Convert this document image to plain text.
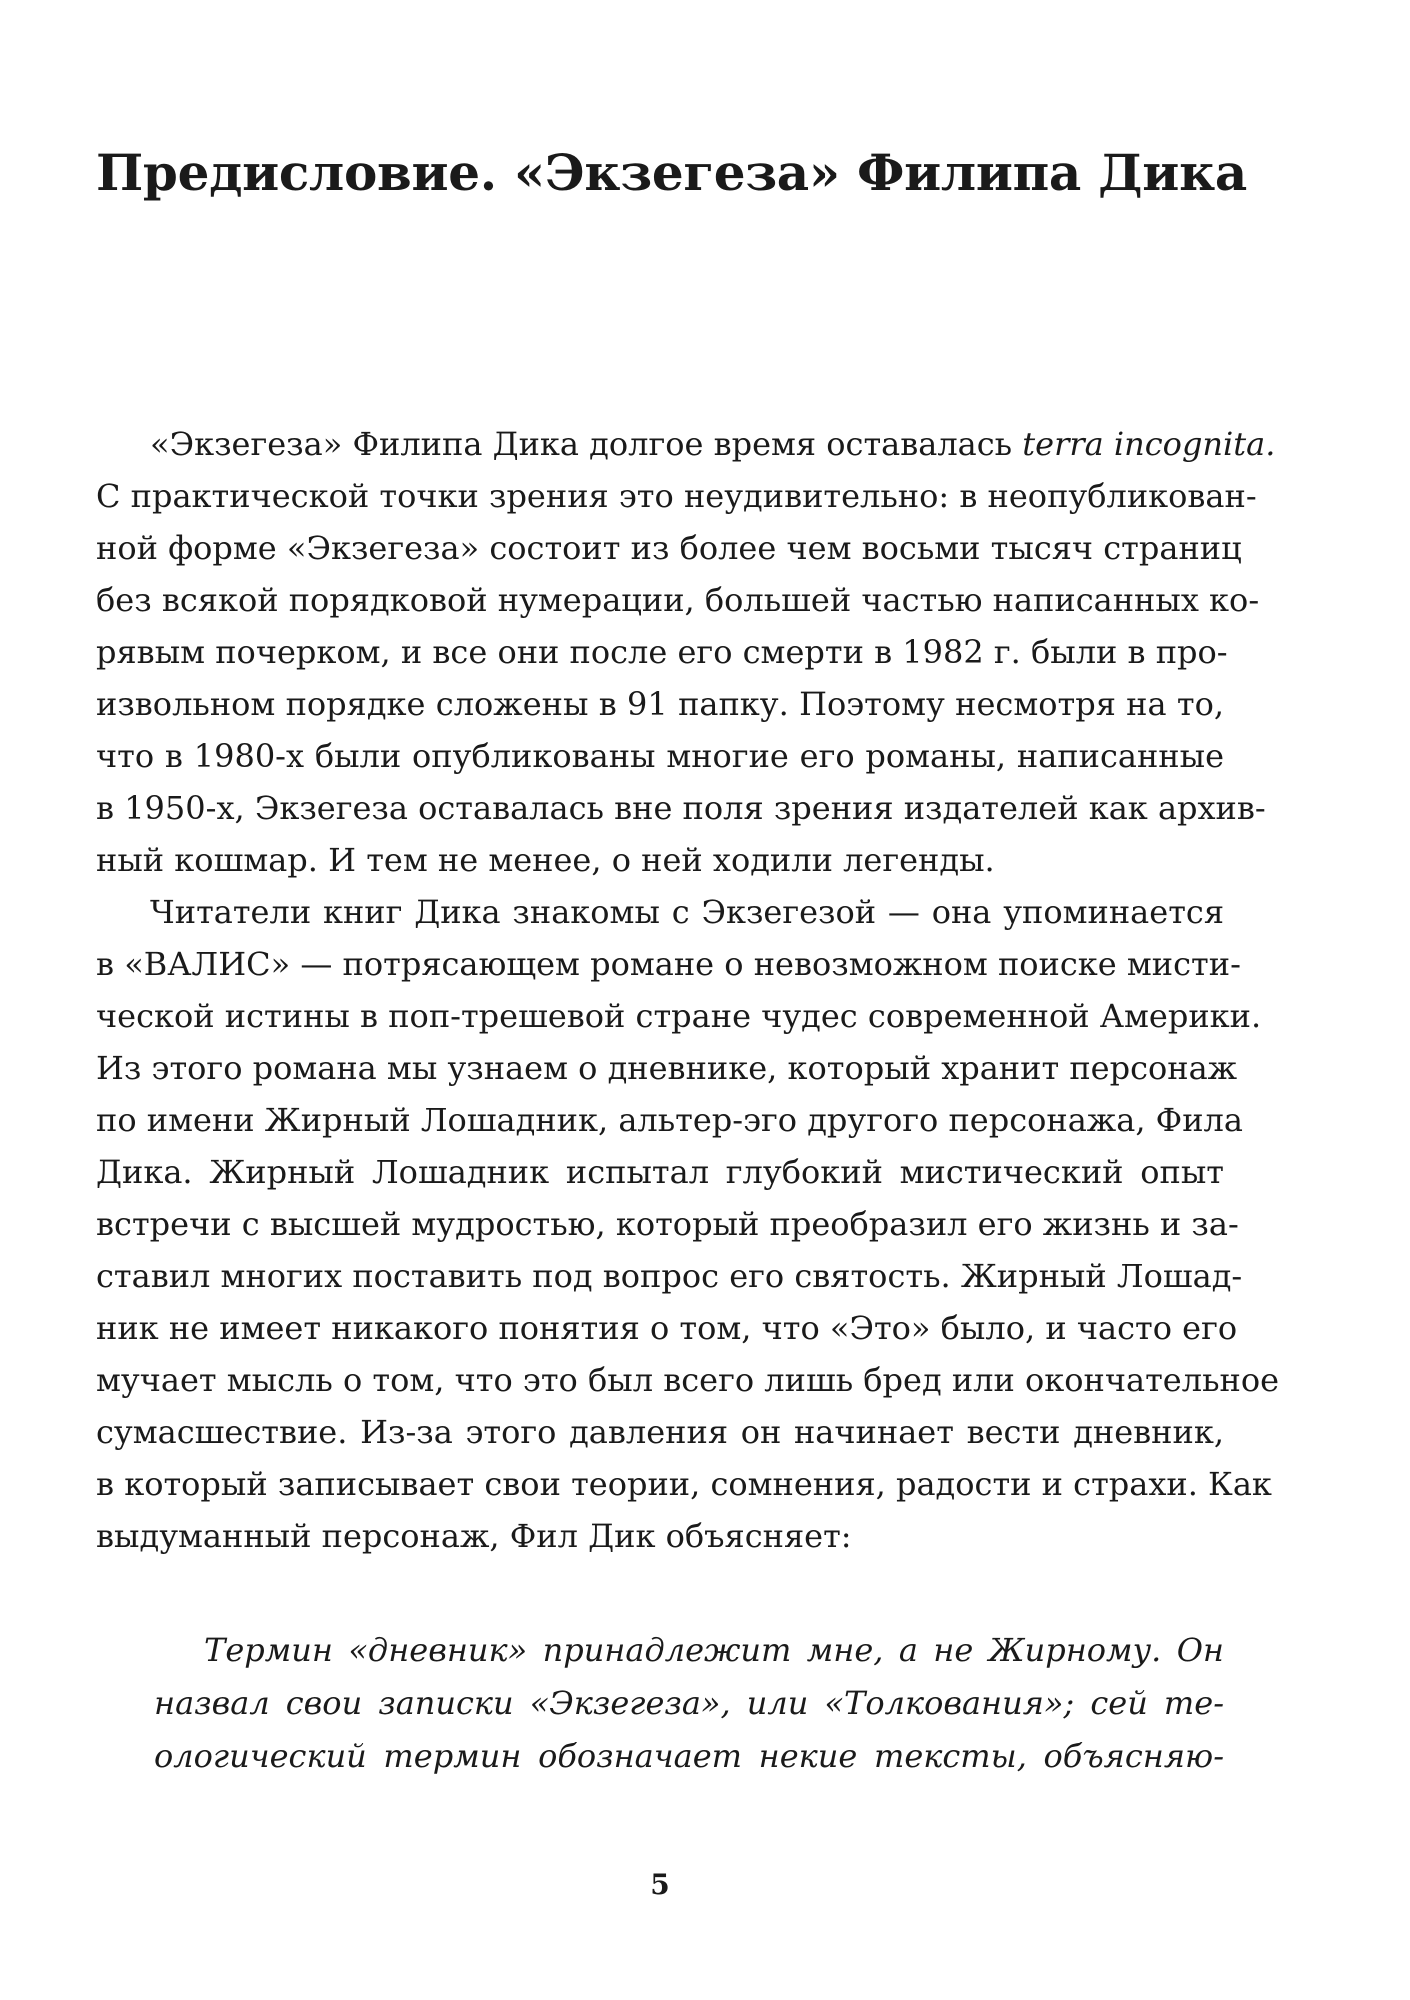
Предисловие. «Экзегеза» Филипа Дика
«Экзегеза» Филипа Дика долгое время оставалась terra incognita.
С практической точки зрения это неудивительно: в неопубликован-
ной форме «Экзегеза» состоит из более чем восьми тысяч страниц
без всякой порядковой нумерации, большей частью написанных ко-
рявым почерком, и все они после его смерти в 1982 г. были в про-
извольном порядке сложены в 91 папку. Поэтому несмотря на то,
что в 1980-х были опубликованы многие его романы, написанные
в 1950-х, Экзегеза оставалась вне поля зрения издателей как архив-
ный кошмар. И тем не менее, о ней ходили легенды.
Читатели книг Дика знакомы с Экзегезой — она упоминается
в «ВАЛИС» — потрясающем романе о невозможном поиске мисти-
ческой истины в поп-трешевой стране чудес современной Америки.
Из этого романа мы узнаем о дневнике, который хранит персонаж
по имени Жирный Лошадник, альтер-эго другого персонажа, Фила
Дика. Жирный Лошадник испытал глубокий мистический опыт
встречи с высшей мудростью, который преобразил его жизнь и за-
ставил многих поставить под вопрос его святость. Жирный Лошад-
ник не имеет никакого понятия о том, что «Это» было, и часто его
мучает мысль о том, что это был всего лишь бред или окончательное
сумасшествие. Из-за этого давления он начинает вести дневник,
в который записывает свои теории, сомнения, радости и страхи. Как
выдуманный персонаж, Фил Дик объясняет:
Термин «дневник» принадлежит мне, а не Жирному. Он
назвал свои записки «Экзегеза», или «Толкования»; сей те-
ологический термин обозначает некие тексты, объясняю-
5
